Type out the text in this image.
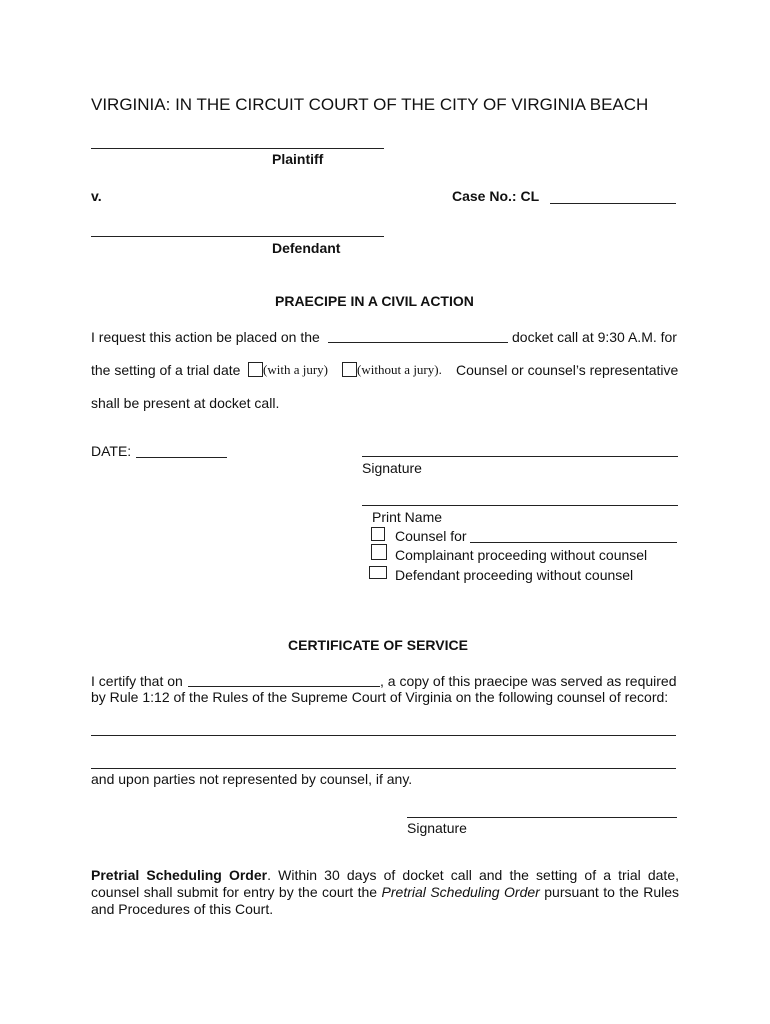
VIRGINIA: IN THE CIRCUIT COURT OF THE CITY OF VIRGINIA BEACH
Plaintiff
v.	Case No.: CL
Defendant
PRAECIPE IN A CIVIL ACTION
I request this action be placed on the	docket call at 9:30 A.M. for
the setting of a trial date (with a jury) (without a jury). Counsel or counsel’s representative
shall be present at docket call.
DATE:
Signature
Print Name
Counsel for
Complainant proceeding without counsel
Defendant proceeding without counsel
CERTIFICATE OF SERVICE
I certify that on	, a copy of this praecipe was served as required
by Rule 1:12 of the Rules of the Supreme Court of Virginia on the following counsel of record:
and upon parties not represented by counsel, if any.
Signature
Pretrial Scheduling Order. Within 30 days of docket call and the setting of a trial date, counsel shall submit for entry by the court the Pretrial Scheduling Order pursuant to the Rules and Procedures of this Court.
